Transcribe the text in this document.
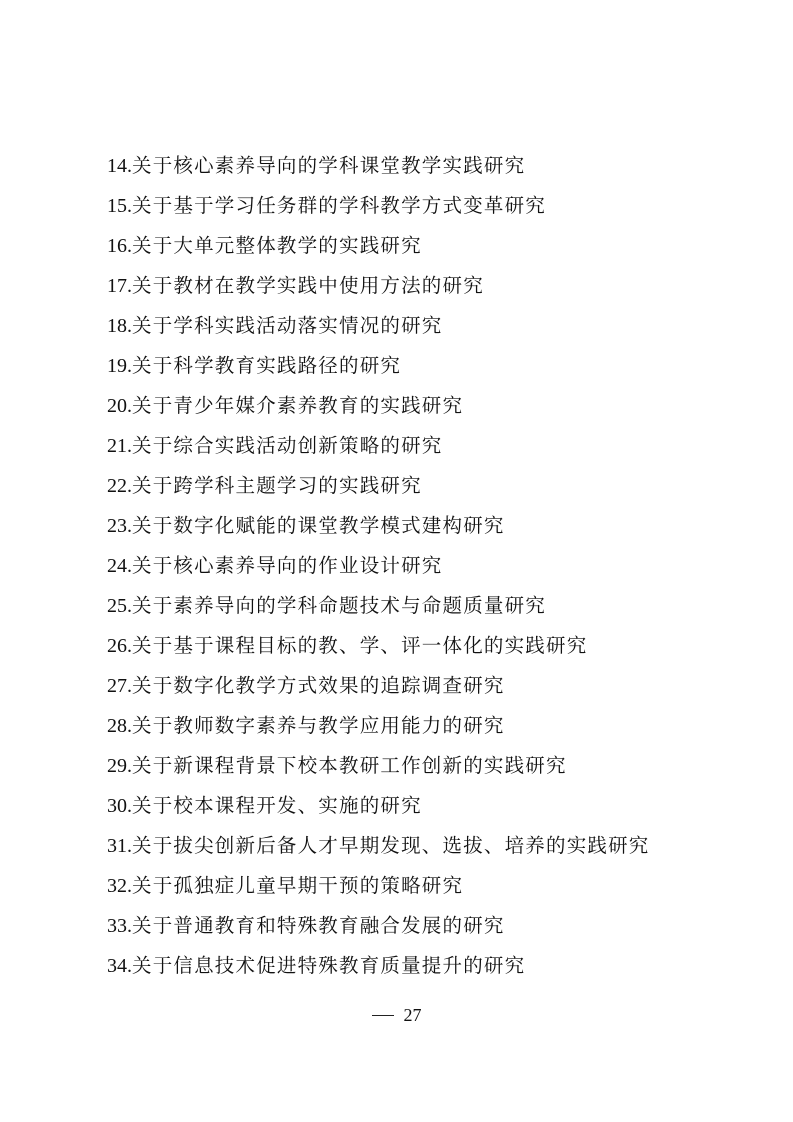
14.关于核心素养导向的学科课堂教学实践研究
15.关于基于学习任务群的学科教学方式变革研究
16.关于大单元整体教学的实践研究
17.关于教材在教学实践中使用方法的研究
18.关于学科实践活动落实情况的研究
19.关于科学教育实践路径的研究
20.关于青少年媒介素养教育的实践研究
21.关于综合实践活动创新策略的研究
22.关于跨学科主题学习的实践研究
23.关于数字化赋能的课堂教学模式建构研究
24.关于核心素养导向的作业设计研究
25.关于素养导向的学科命题技术与命题质量研究
26.关于基于课程目标的教、学、评一体化的实践研究
27.关于数字化教学方式效果的追踪调查研究
28.关于教师数字素养与教学应用能力的研究
29.关于新课程背景下校本教研工作创新的实践研究
30.关于校本课程开发、实施的研究
31.关于拔尖创新后备人才早期发现、选拔、培养的实践研究
32.关于孤独症儿童早期干预的策略研究
33.关于普通教育和特殊教育融合发展的研究
34.关于信息技术促进特殊教育质量提升的研究
27
